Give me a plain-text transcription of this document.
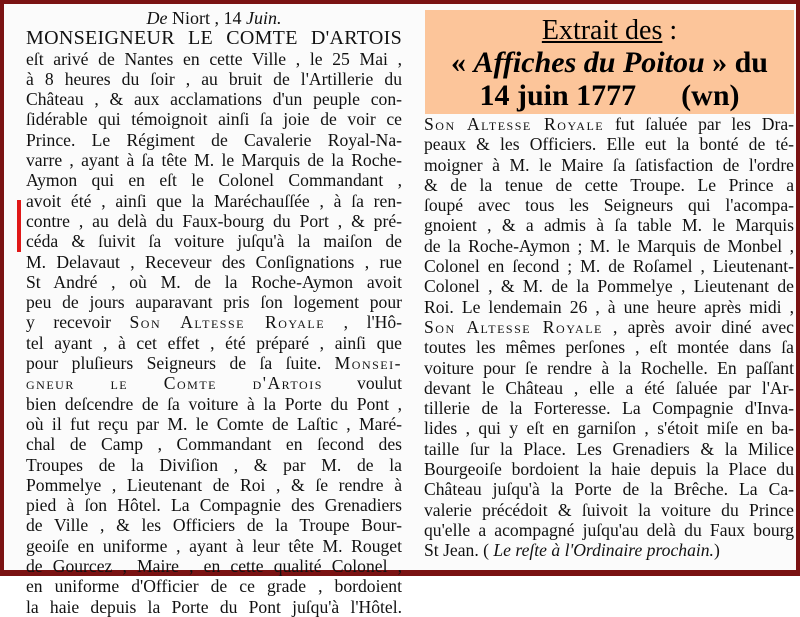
De Niort , 14 Juin.
MONSEIGNEUR LE COMTE D'ARTOIS
eſt arivé de Nantes en cette Ville , le 25 Mai ,
à 8 heures du ſoir , au bruit de l'Artillerie du
Château , & aux acclamations d'un peuple con-
ſidérable qui témoignoit ainſi ſa joie de voir ce
Prince. Le Régiment de Cavalerie Royal-Na-
varre , ayant à ſa tête M. le Marquis de la Roche-
Aymon qui en eſt le Colonel Commandant ,
avoit été , ainſi que la Maréchauſſée , à ſa ren-
contre , au delà du Faux-bourg du Port , & pré-
céda & ſuivit ſa voiture juſqu'à la maiſon de
M. Delavaut , Receveur des Conſignations , rue
St André , où M. de la Roche-Aymon avoit
peu de jours auparavant pris ſon logement pour
y recevoir Son Altesse Royale , l'Hô-
tel ayant , à cet effet , été préparé , ainſi que
pour pluſieurs Seigneurs de ſa ſuite. Monsei-
gneur le Comte d'Artois voulut
bien deſcendre de ſa voiture à la Porte du Pont ,
où il fut reçu par M. le Comte de Laſtic , Maré-
chal de Camp , Commandant en ſecond des
Troupes de la Diviſion , & par M. de la
Pommelye , Lieutenant de Roi , & ſe rendre à
pied à ſon Hôtel. La Compagnie des Grenadiers
de Ville , & les Officiers de la Troupe Bour-
geoiſe en uniforme , ayant à leur tête M. Rouget
de Gourcez , Maire , en cette qualité Colonel ,
en uniforme d'Officier de ce grade , bordoient
la haie depuis la Porte du Pont juſqu'à l'Hôtel.
Extrait des :
« Affiches du Poitou » du
14 juin 1777      (wn)
Son Altesse Royale fut ſaluée par les Dra-
peaux & les Officiers. Elle eut la bonté de té-
moigner à M. le Maire ſa ſatisfaction de l'ordre
& de la tenue de cette Troupe. Le Prince a
ſoupé avec tous les Seigneurs qui l'acompa-
gnoient , & a admis à ſa table M. le Marquis
de la Roche-Aymon ; M. le Marquis de Monbel ,
Colonel en ſecond ; M. de Roſamel , Lieutenant-
Colonel , & M. de la Pommelye , Lieutenant de
Roi. Le lendemain 26 , à une heure après midi ,
Son Altesse Royale , après avoir diné avec
toutes les mêmes perſones , eſt montée dans ſa
voiture pour ſe rendre à la Rochelle. En paſſant
devant le Château , elle a été ſaluée par l'Ar-
tillerie de la Forteresse. La Compagnie d'Inva-
lides , qui y eſt en garniſon , s'étoit miſe en ba-
taille ſur la Place. Les Grenadiers & la Milice
Bourgeoiſe bordoient la haie depuis la Place du
Château juſqu'à la Porte de la Brêche. La Ca-
valerie précédoit & ſuivoit la voiture du Prince
qu'elle a acompagné juſqu'au delà du Faux bourg
St Jean. ( Le reſte à l'Ordinaire prochain.)
